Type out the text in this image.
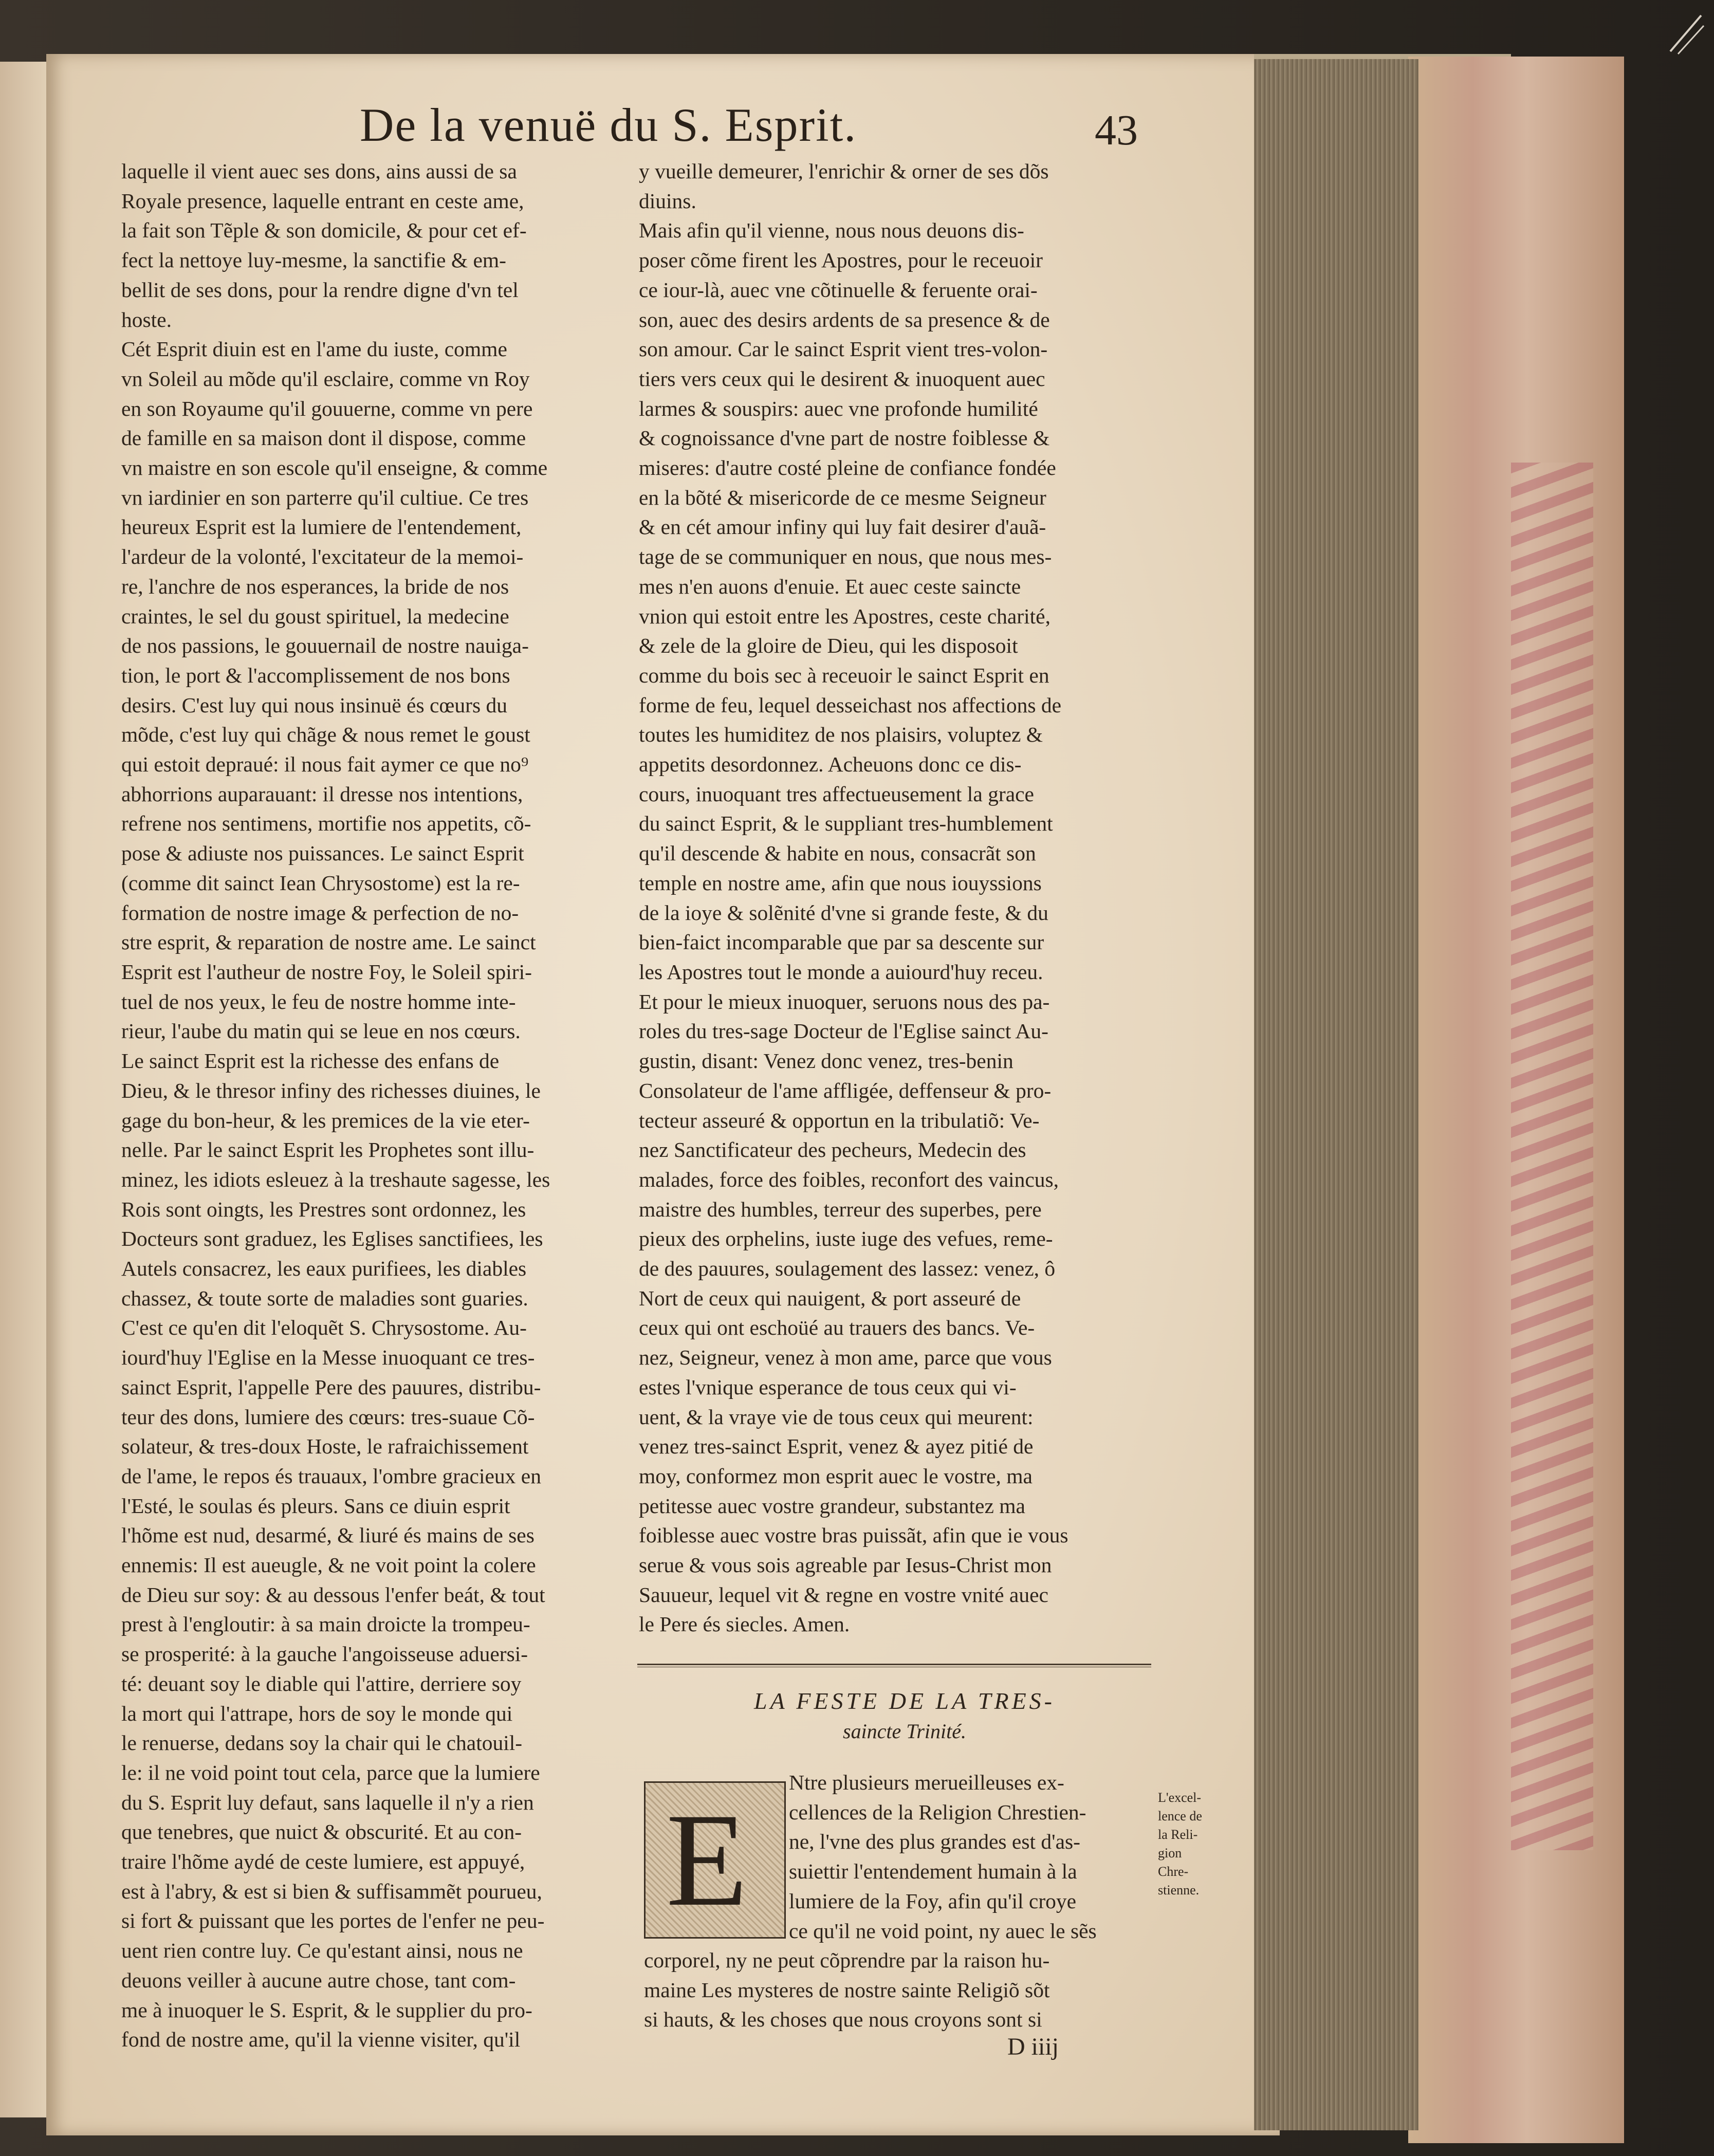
De la venuë du S. Esprit.	43
laquelle il vient auec ses dons, ains aussi de sa
Royale presence, laquelle entrant en ceste ame,
la fait son Tẽple & son domicile, & pour cet ef-
fect la nettoye luy-mesme, la sanctifie & em-
bellit de ses dons, pour la rendre digne d'vn tel
hoste.
Cét Esprit diuin est en l'ame du iuste, comme
vn Soleil au mõde qu'il esclaire, comme vn Roy
en son Royaume qu'il gouuerne, comme vn pere
de famille en sa maison dont il dispose, comme
vn maistre en son escole qu'il enseigne, & comme
vn iardinier en son parterre qu'il cultiue. Ce tres
heureux Esprit est la lumiere de l'entendement,
l'ardeur de la volonté, l'excitateur de la memoi-
re, l'anchre de nos esperances, la bride de nos
craintes, le sel du goust spirituel, la medecine
de nos passions, le gouuernail de nostre nauiga-
tion, le port & l'accomplissement de nos bons
desirs. C'est luy qui nous insinuë és cœurs du
mõde, c'est luy qui chãge & nous remet le goust
qui estoit depraué: il nous fait aymer ce que no⁹
abhorrions auparauant: il dresse nos intentions,
refrene nos sentimens, mortifie nos appetits, cõ-
pose & adiuste nos puissances. Le sainct Esprit
(comme dit sainct Iean Chrysostome) est la re-
formation de nostre image & perfection de no-
stre esprit, & reparation de nostre ame. Le sainct
Esprit est l'autheur de nostre Foy, le Soleil spiri-
tuel de nos yeux, le feu de nostre homme inte-
rieur, l'aube du matin qui se leue en nos cœurs.
Le sainct Esprit est la richesse des enfans de
Dieu, & le thresor infiny des richesses diuines, le
gage du bon-heur, & les premices de la vie eter-
nelle. Par le sainct Esprit les Prophetes sont illu-
minez, les idiots esleuez à la treshaute sagesse, les
Rois sont oingts, les Prestres sont ordonnez, les
Docteurs sont graduez, les Eglises sanctifiees, les
Autels consacrez, les eaux purifiees, les diables
chassez, & toute sorte de maladies sont guaries.
C'est ce qu'en dit l'eloquẽt S. Chrysostome. Au-
iourd'huy l'Eglise en la Messe inuoquant ce tres-
sainct Esprit, l'appelle Pere des pauures, distribu-
teur des dons, lumiere des cœurs: tres-suaue Cõ-
solateur, & tres-doux Hoste, le rafraichissement
de l'ame, le repos és trauaux, l'ombre gracieux en
l'Esté, le soulas és pleurs. Sans ce diuin esprit
l'hõme est nud, desarmé, & liuré és mains de ses
ennemis: Il est aueugle, & ne voit point la colere
de Dieu sur soy: & au dessous l'enfer beát, & tout
prest à l'engloutir: à sa main droicte la trompeu-
se prosperité: à la gauche l'angoisseuse aduersi-
té: deuant soy le diable qui l'attire, derriere soy
la mort qui l'attrape, hors de soy le monde qui
le renuerse, dedans soy la chair qui le chatouil-
le: il ne void point tout cela, parce que la lumiere
du S. Esprit luy defaut, sans laquelle il n'y a rien
que tenebres, que nuict & obscurité. Et au con-
traire l'hõme aydé de ceste lumiere, est appuyé,
est à l'abry, & est si bien & suffisammẽt pourueu,
si fort & puissant que les portes de l'enfer ne peu-
uent rien contre luy. Ce qu'estant ainsi, nous ne
deuons veiller à aucune autre chose, tant com-
me à inuoquer le S. Esprit, & le supplier du pro-
fond de nostre ame, qu'il la vienne visiter, qu'il
y vueille demeurer, l'enrichir & orner de ses dõs
diuins.
Mais afin qu'il vienne, nous nous deuons dis-
poser cõme firent les Apostres, pour le receuoir
ce iour-là, auec vne cõtinuelle & feruente orai-
son, auec des desirs ardents de sa presence & de
son amour. Car le sainct Esprit vient tres-volon-
tiers vers ceux qui le desirent & inuoquent auec
larmes & souspirs: auec vne profonde humilité
& cognoissance d'vne part de nostre foiblesse &
miseres: d'autre costé pleine de confiance fondée
en la bõté & misericorde de ce mesme Seigneur
& en cét amour infiny qui luy fait desirer d'auã-
tage de se communiquer en nous, que nous mes-
mes n'en auons d'enuie. Et auec ceste saincte
vnion qui estoit entre les Apostres, ceste charité,
& zele de la gloire de Dieu, qui les disposoit
comme du bois sec à receuoir le sainct Esprit en
forme de feu, lequel desseichast nos affections de
toutes les humiditez de nos plaisirs, voluptez &
appetits desordonnez. Acheuons donc ce dis-
cours, inuoquant tres affectueusement la grace
du sainct Esprit, & le suppliant tres-humblement
qu'il descende & habite en nous, consacrãt son
temple en nostre ame, afin que nous iouyssions
de la ioye & solẽnité d'vne si grande feste, & du
bien-faict incomparable que par sa descente sur
les Apostres tout le monde a auiourd'huy receu.
Et pour le mieux inuoquer, seruons nous des pa-
roles du tres-sage Docteur de l'Eglise sainct Au-
gustin, disant: Venez donc venez, tres-benin
Consolateur de l'ame affligée, deffenseur & pro-
tecteur asseuré & opportun en la tribulatiõ: Ve-
nez Sanctificateur des pecheurs, Medecin des
malades, force des foibles, reconfort des vaincus,
maistre des humbles, terreur des superbes, pere
pieux des orphelins, iuste iuge des vefues, reme-
de des pauures, soulagement des lassez: venez, ô
Nort de ceux qui nauigent, & port asseuré de
ceux qui ont eschoüé au trauers des bancs. Ve-
nez, Seigneur, venez à mon ame, parce que vous
estes l'vnique esperance de tous ceux qui vi-
uent, & la vraye vie de tous ceux qui meurent:
venez tres-sainct Esprit, venez & ayez pitié de
moy, conformez mon esprit auec le vostre, ma
petitesse auec vostre grandeur, substantez ma
foiblesse auec vostre bras puissãt, afin que ie vous
serue & vous sois agreable par Iesus-Christ mon
Sauueur, lequel vit & regne en vostre vnité auec
le Pere és siecles. Amen.
LA FESTE DE LA TRES-
saincte Trinité.
E
Ntre plusieurs merueilleuses ex-
cellences de la Religion Chrestien-
ne, l'vne des plus grandes est d'as-
suiettir l'entendement humain à la
lumiere de la Foy, afin qu'il croye
ce qu'il ne void point, ny auec le sẽs
corporel, ny ne peut cõprendre par la raison hu-
maine Les mysteres de nostre sainte Religiõ sõt
si hauts, & les choses que nous croyons sont si
L'excel-
lence de
la Reli-
gion
Chre-
stienne.
D iiij
